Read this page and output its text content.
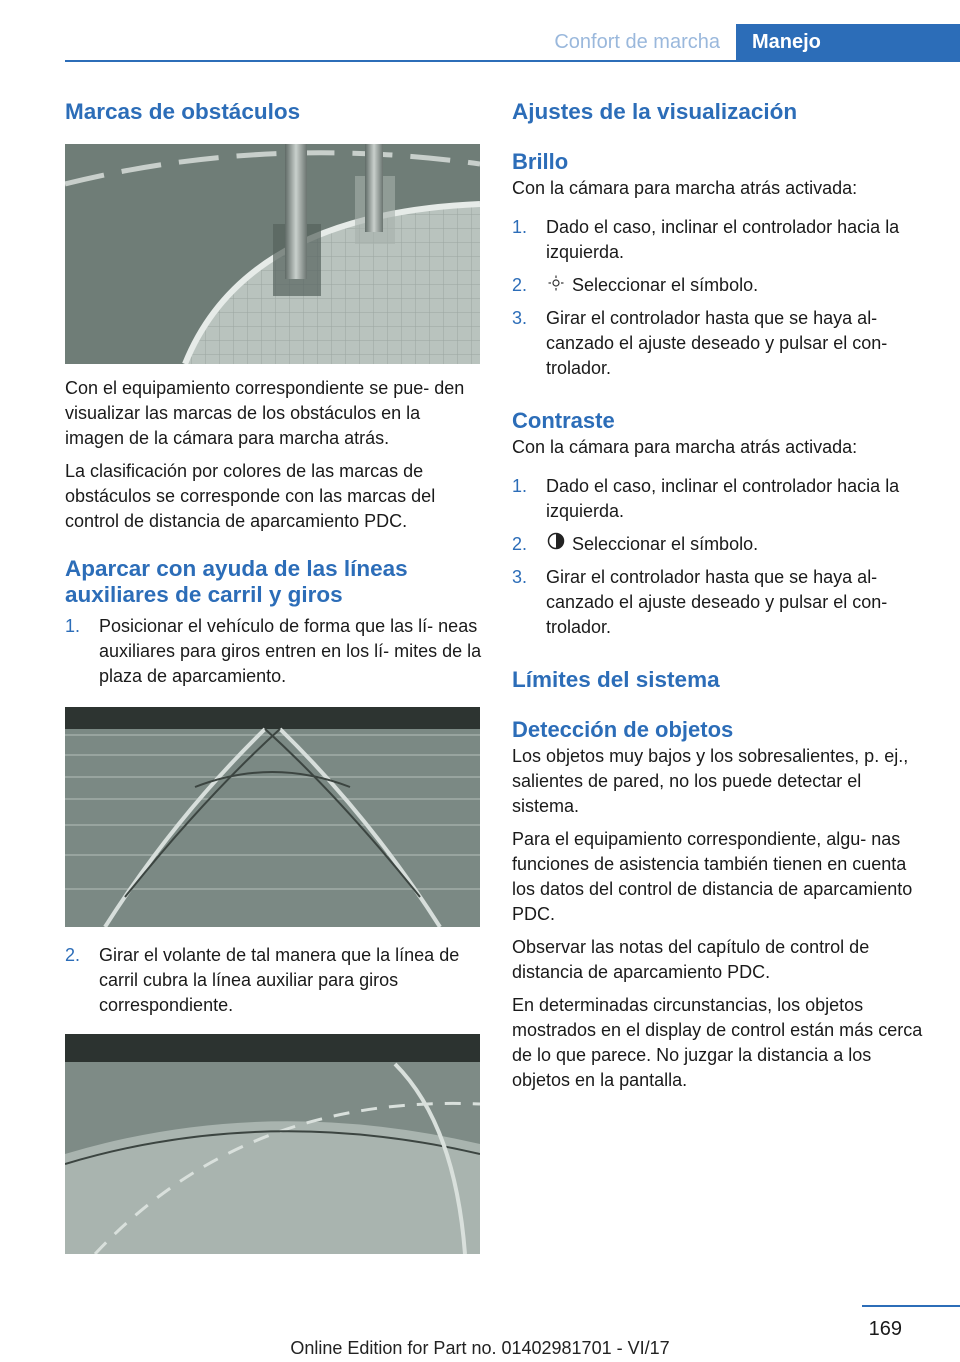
Confort de marcha	Manejo
Marcas de obstáculos

Con el equipamiento correspondiente se pue‐ den visualizar las marcas de los obstáculos en la imagen de la cámara para marcha atrás.

La clasificación por colores de las marcas de obstáculos se corresponde con las marcas del control de distancia de aparcamiento PDC.

Aparcar con ayuda de las líneas auxiliares de carril y giros
1. Posicionar el vehículo de forma que las lí‐ neas auxiliares para giros entren en los lí‐ mites de la plaza de aparcamiento.
2. Girar el volante de tal manera que la línea de carril cubra la línea auxiliar para giros correspondiente.
Ajustes de la visualización
Brillo

Con la cámara para marcha atrás activada:

1. Dado el caso, inclinar el controlador hacia la izquierda.
2. Seleccionar el símbolo.
3. Girar el controlador hasta que se haya al‐ canzado el ajuste deseado y pulsar el con‐ trolador.
Contraste

Con la cámara para marcha atrás activada:

1. Dado el caso, inclinar el controlador hacia la izquierda.
2. Seleccionar el símbolo.
3. Girar el controlador hasta que se haya al‐ canzado el ajuste deseado y pulsar el con‐ trolador.
Límites del sistema
Detección de objetos

Los objetos muy bajos y los sobresalientes, p. ej., salientes de pared, no los puede detectar el sistema.

Para el equipamiento correspondiente, algu‐ nas funciones de asistencia también tienen en cuenta los datos del control de distancia de aparcamiento PDC.

Observar las notas del capítulo de control de distancia de aparcamiento PDC.

En determinadas circunstancias, los objetos mostrados en el display de control están más cerca de lo que parece. No juzgar la distancia a los objetos en la pantalla.

169
Online Edition for Part no. 01402981701 - VI/17
